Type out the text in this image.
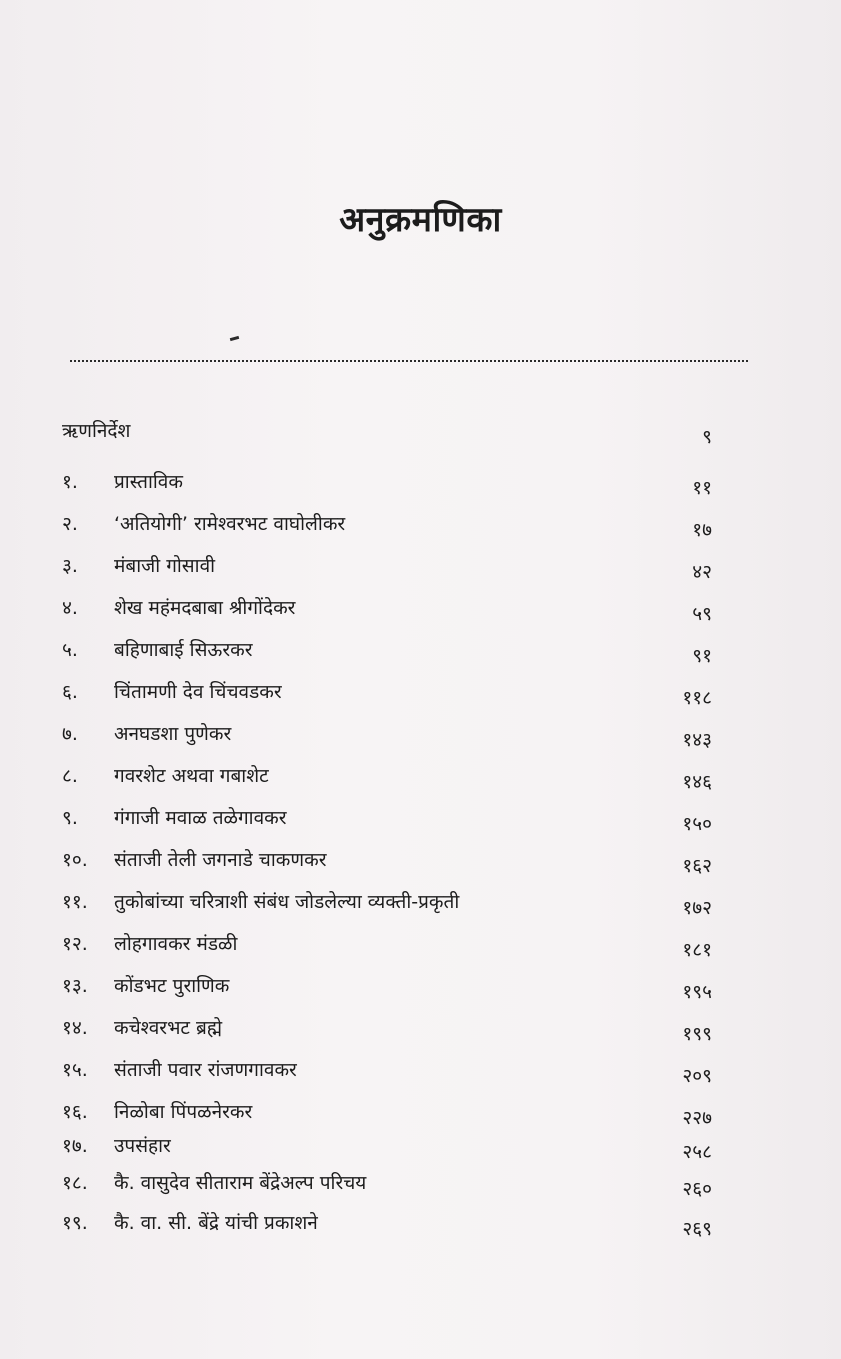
अनुक्रमणिका
ऋणनिर्देश	९
१. प्रास्ताविक	११
२. ‘अतियोगी’ रामेश्वरभट वाघोलीकर	१७
३. मंबाजी गोसावी	४२
४. शेख महंमदबाबा श्रीगोंदेकर	५९
५. बहिणाबाई सिऊरकर	९१
६. चिंतामणी देव चिंचवडकर	११८
७. अनघडशा पुणेकर	१४३
८. गवरशेट अथवा गबाशेट	१४६
९. गंगाजी मवाळ तळेगावकर	१५०
१०. संताजी तेली जगनाडे चाकणकर	१६२
११. तुकोबांच्या चरित्राशी संबंध जोडलेल्या व्यक्ती-प्रकृती	१७२
१२. लोहगावकर मंडळी	१८१
१३. कोंडभट पुराणिक	१९५
१४. कचेश्वरभट ब्रह्मे	१९९
१५. संताजी पवार रांजणगावकर	२०९
१६. निळोबा पिंपळनेरकर	२२७
१७. उपसंहार	२५८
१८. कै. वासुदेव सीताराम बेंद्रेअल्प परिचय	२६०
१९. कै. वा. सी. बेंद्रे यांची प्रकाशने	२६९
